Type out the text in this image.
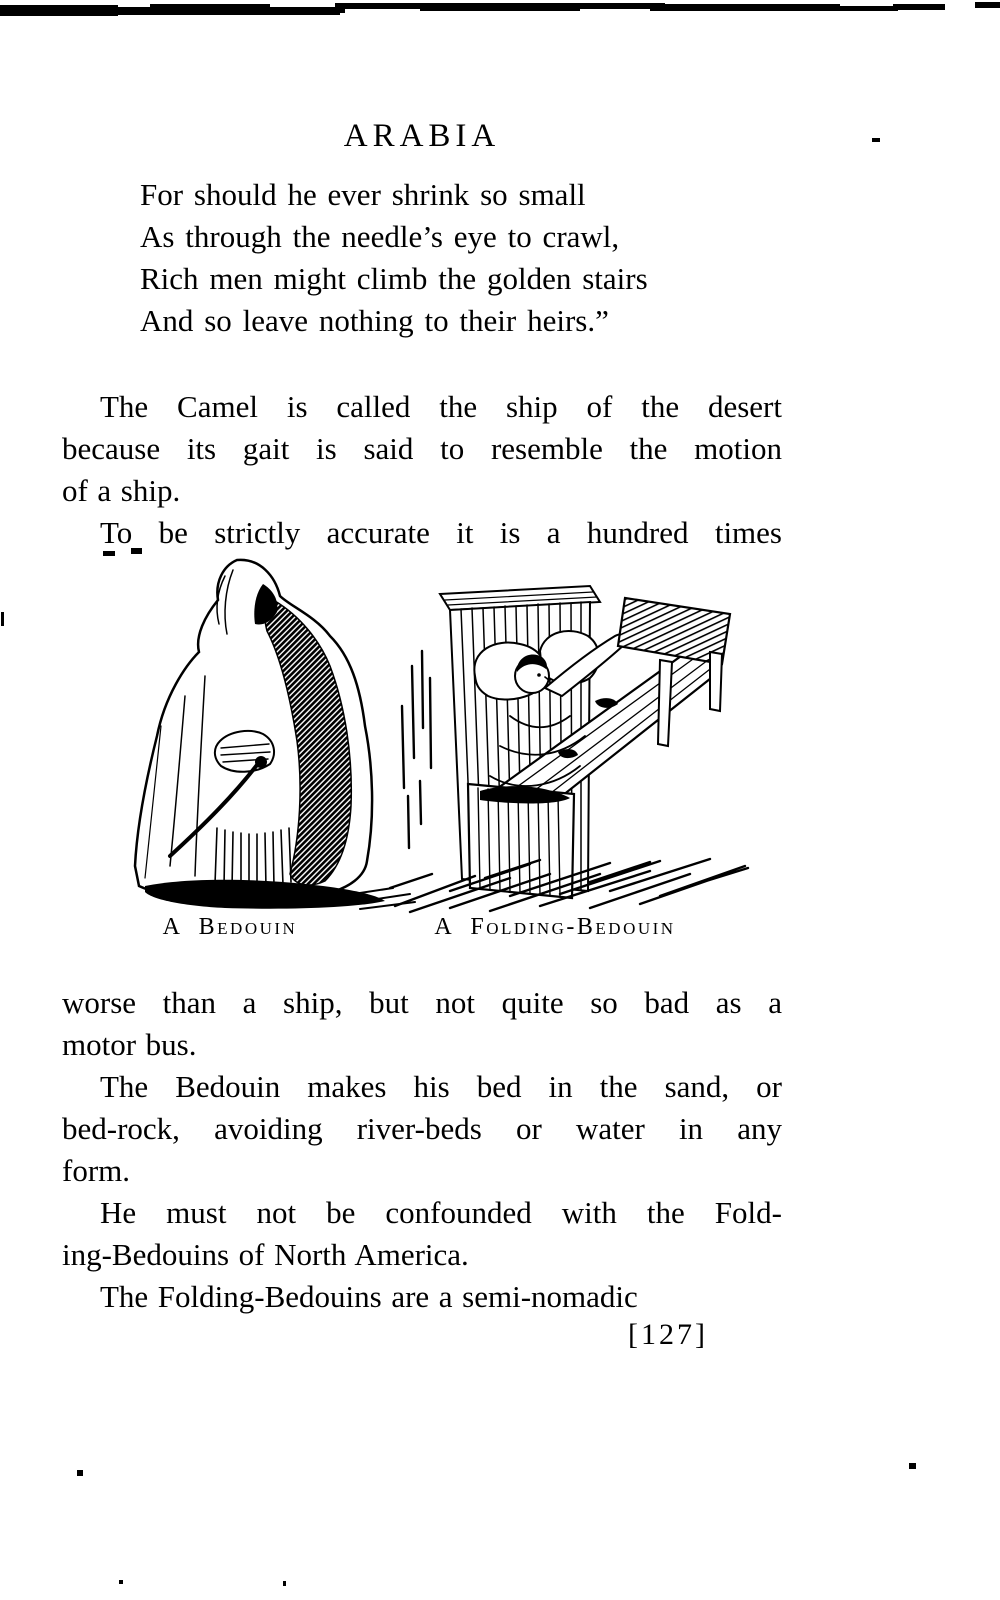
ARABIA
For should he ever shrink so small
As through the needle’s eye to crawl,
Rich men might climb the golden stairs
And so leave nothing to their heirs.”
The Camel is called the ship of the desert
because its gait is said to resemble the motion
of a ship.
To be strictly accurate it is a hundred times
A Bedouin	A Folding-Bedouin
worse than a ship, but not quite so bad as a
motor bus.
The Bedouin makes his bed in the sand, or
bed-rock, avoiding river-beds or water in any
form.
He must not be confounded with the Fold-
ing-Bedouins of North America.
The Folding-Bedouins are a semi-nomadic
[127]
